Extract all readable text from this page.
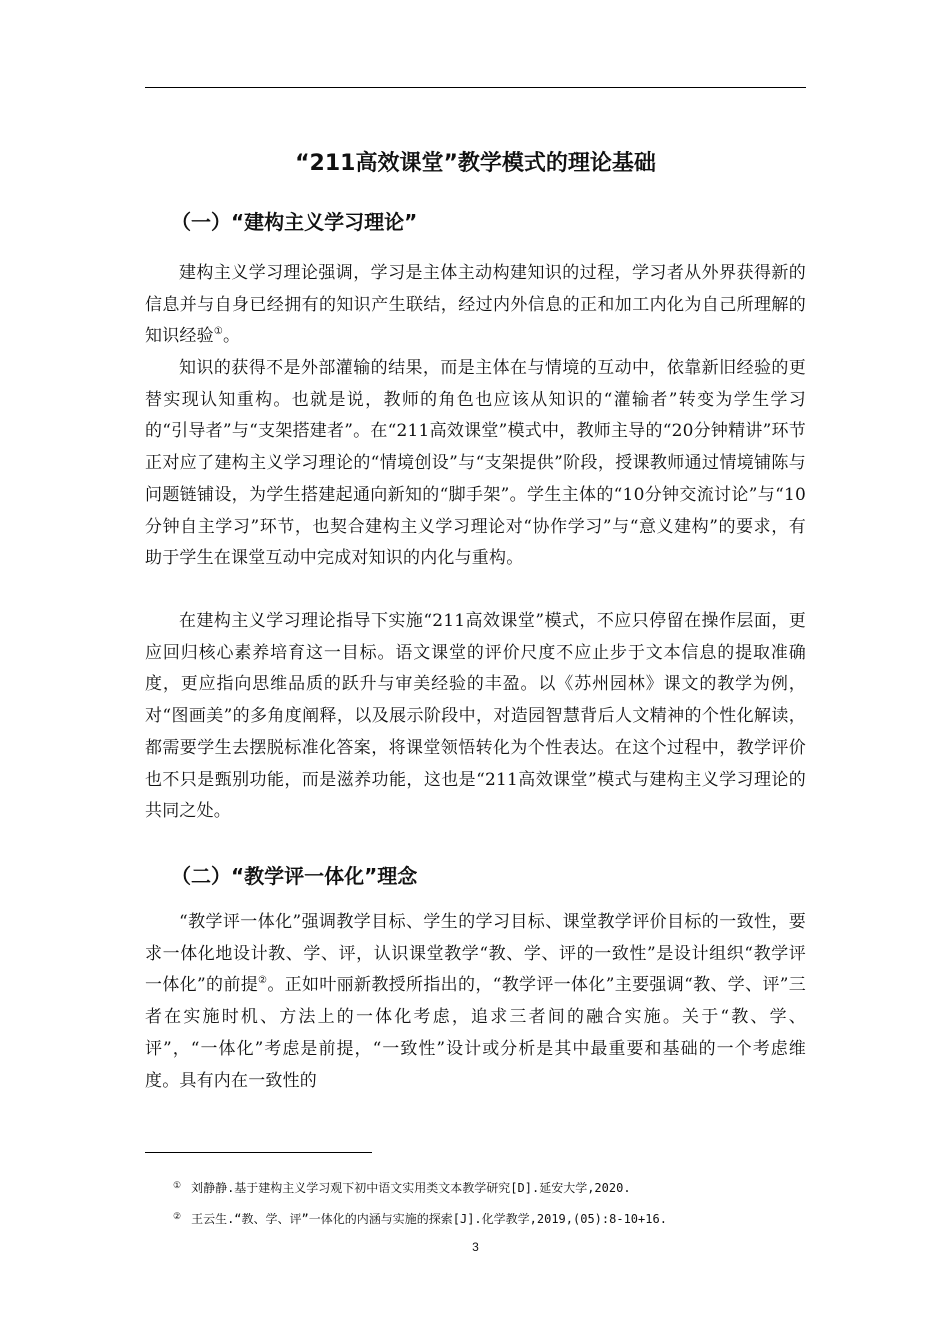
“211高效课堂”教学模式的理论基础
（一）“建构主义学习理论”

建构主义学习理论强调，学习是主体主动构建知识的过程，学习者从外界获得新的信息并与自身已经拥有的知识产生联结，经过内外信息的正和加工内化为自己所理解的知识经验①。

知识的获得不是外部灌输的结果，而是主体在与情境的互动中，依靠新旧经验的更替实现认知重构。也就是说，教师的角色也应该从知识的“灌输者”转变为学生学习的“引导者”与“支架搭建者”。在“211高效课堂”模式中，教师主导的“20分钟精讲”环节正对应了建构主义学习理论的“情境创设”与“支架提供”阶段，授课教师通过情境铺陈与问题链铺设，为学生搭建起通向新知的“脚手架”。学生主体的“10分钟交流讨论”与“10分钟自主学习”环节，也契合建构主义学习理论对“协作学习”与“意义建构”的要求，有助于学生在课堂互动中完成对知识的内化与重构。

在建构主义学习理论指导下实施“211高效课堂”模式，不应只停留在操作层面，更应回归核心素养培育这一目标。语文课堂的评价尺度不应止步于文本信息的提取准确度，更应指向思维品质的跃升与审美经验的丰盈。以《苏州园林》课文的教学为例，对“图画美”的多角度阐释，以及展示阶段中，对造园智慧背后人文精神的个性化解读，都需要学生去摆脱标准化答案，将课堂领悟转化为个性表达。在这个过程中，教学评价也不只是甄别功能，而是滋养功能，这也是“211高效课堂”模式与建构主义学习理论的共同之处。

（二）“教学评一体化”理念

“教学评一体化”强调教学目标、学生的学习目标、课堂教学评价目标的一致性，要求一体化地设计教、学、评，认识课堂教学“教、学、评的一致性”是设计组织“教学评一体化”的前提②。正如叶丽新教授所指出的，“教学评一体化”主要强调“教、学、评”三者在实施时机、方法上的一体化考虑，追求三者间的融合实施。关于“教、学、评”，“一体化”考虑是前提，“一致性”设计或分析是其中最重要和基础的一个考虑维度。具有内在一致性的

① 刘静静.基于建构主义学习观下初中语文实用类文本教学研究[D].延安大学,2020.

② 王云生.“教、学、评”一体化的内涵与实施的探索[J].化学教学,2019,(05):8-10+16.

3
